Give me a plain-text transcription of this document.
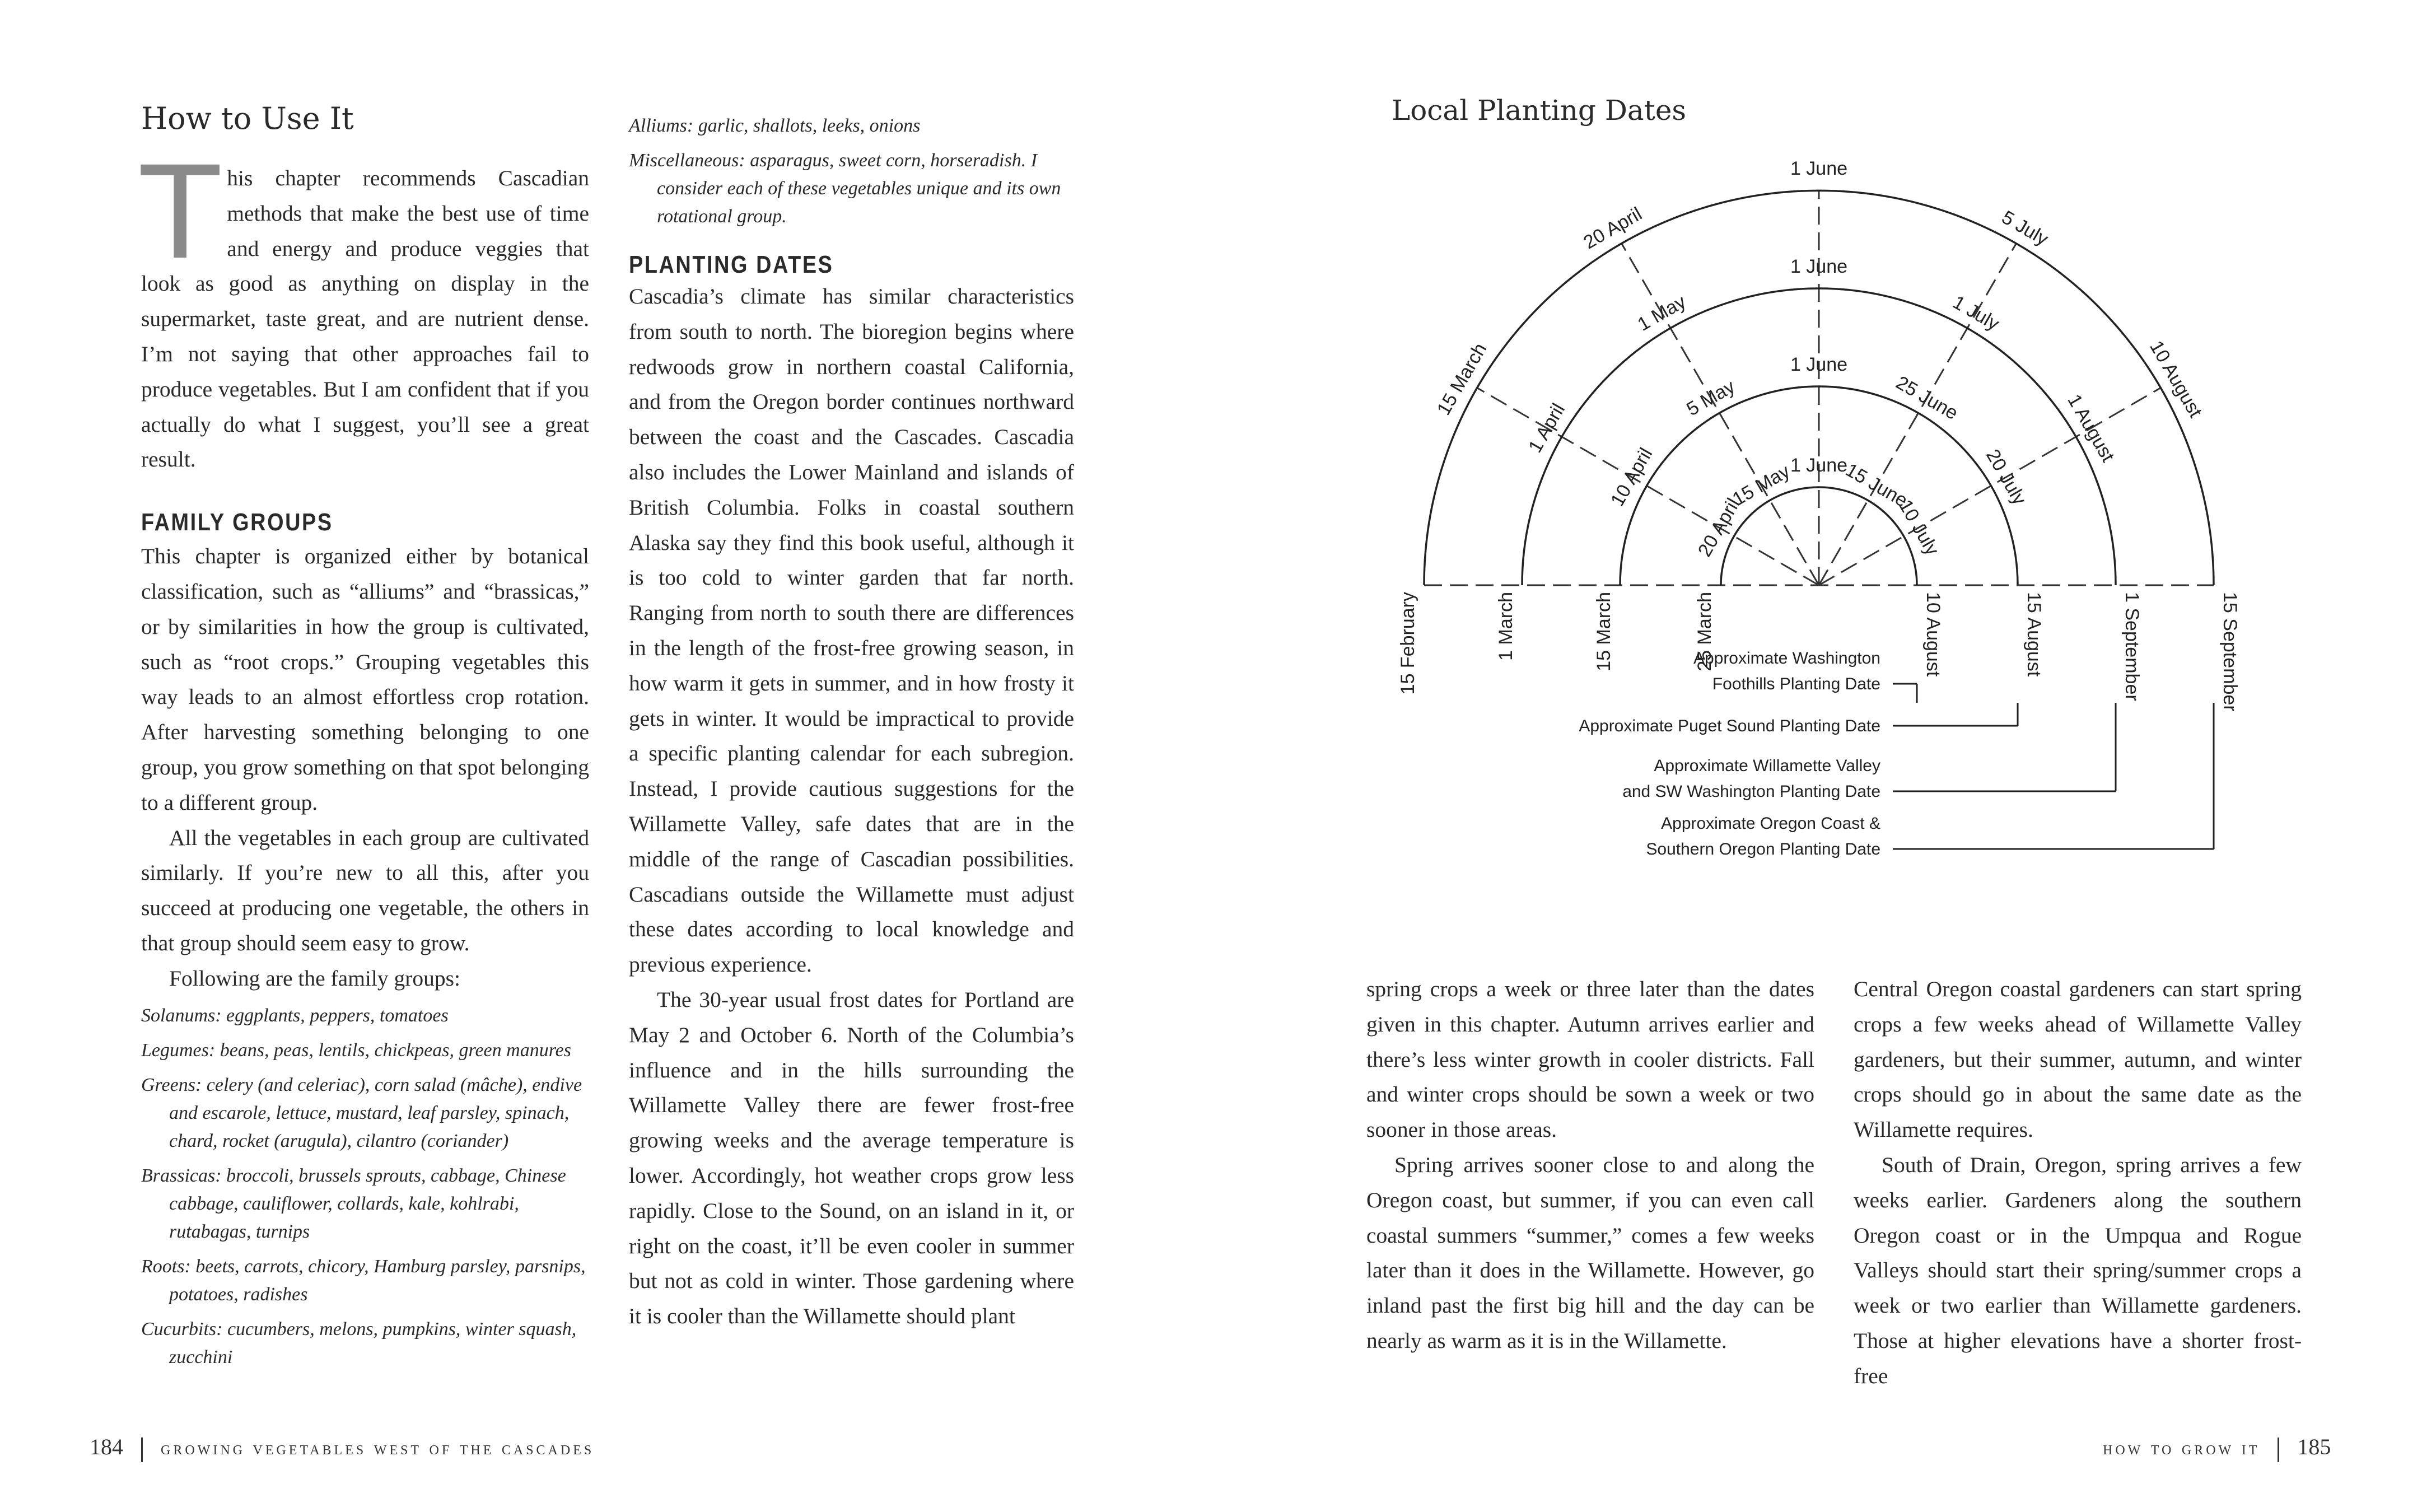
How to Use It
T his chapter recommends Cascadian methods that make the best use of time and energy and produce veggies that look as good as anything on display in the supermarket, taste great, and are nutrient dense. I’m not saying that other approaches fail to produce vegetables. But I am confident that if you actually do what I suggest, you’ll see a great result.

FAMILY GROUPS

This chapter is organized either by botanical classification, such as “alliums” and “brassicas,” or by similarities in how the group is cultivated, such as “root crops.” Grouping vegetables this way leads to an almost effortless crop rotation. After harvesting something belonging to one group, you grow something on that spot belonging to a different group.

All the vegetables in each group are cultivated similarly. If you’re new to all this, after you succeed at producing one vegetable, the others in that group should seem easy to grow.

Following are the family groups:

Solanums: eggplants, peppers, tomatoes
Legumes: beans, peas, lentils, chickpeas, green manures
Greens: celery (and celeriac), corn salad (mâche), endive and escarole, lettuce, mustard, leaf parsley, spinach, chard, rocket (arugula), cilantro (coriander)
Brassicas: broccoli, brussels sprouts, cabbage, Chinese cabbage, cauliflower, collards, kale, kohlrabi, rutabagas, turnips
Roots: beets, carrots, chicory, Hamburg parsley, parsnips, potatoes, radishes
Cucurbits: cucumbers, melons, pumpkins, winter squash, zucchini
Alliums: garlic, shallots, leeks, onions
Miscellaneous: asparagus, sweet corn, horseradish. I consider each of these vegetables unique and its own rotational group.
PLANTING DATES

Cascadia’s climate has similar characteristics from south to north. The bioregion begins where redwoods grow in northern coastal California, and from the Oregon border continues northward between the coast and the Cascades. Cascadia also includes the Lower Mainland and islands of British Columbia. Folks in coastal southern Alaska say they find this book useful, although it is too cold to winter garden that far north. Ranging from north to south there are differences in the length of the frost-free growing season, in how warm it gets in summer, and in how frosty it gets in winter. It would be impractical to provide a specific planting calendar for each subregion. Instead, I provide cautious suggestions for the Willamette Valley, safe dates that are in the middle of the range of Cascadian possibilities. Cascadians outside the Willamette must adjust these dates according to local knowledge and previous experience.

The 30-year usual frost dates for Portland are May 2 and October 6. North of the Columbia’s influence and in the hills surrounding the Willamette Valley there are fewer frost-free growing weeks and the average temperature is lower. Accordingly, hot weather crops grow less rapidly. Close to the Sound, on an island in it, or right on the coast, it’ll be even cooler in summer but not as cold in winter. Those gardening where it is cooler than the Willamette should plant

184 growing vegetables west of the cascades
Local Planting Dates
15 February
15 March
20 April
1 June
5 July
10 August
15 September
Approximate Oregon Coast &
Southern Oregon Planting Date
1 March
1 April
1 May
1 June
1 July
1 August
1 September
Approximate Willamette Valley
and SW Washington Planting Date
15 March
10 April
5 May
1 June
25 June
20 July
15 August
Approximate Puget Sound Planting Date
25 March
20 April
15 May
1 June
15 June
10 July
10 August
Approximate Washington
Foothills Planting Date

spring crops a week or three later than the dates given in this chapter. Autumn arrives earlier and there’s less winter growth in cooler districts. Fall and winter crops should be sown a week or two sooner in those areas.

Spring arrives sooner close to and along the Oregon coast, but summer, if you can even call coastal summers “summer,” comes a few weeks later than it does in the Willamette. However, go inland past the first big hill and the day can be nearly as warm as it is in the Willamette.

Central Oregon coastal gardeners can start spring crops a few weeks ahead of Willamette Valley gardeners, but their summer, autumn, and winter crops should go in about the same date as the Willamette requires.

South of Drain, Oregon, spring arrives a few weeks earlier. Gardeners along the southern Oregon coast or in the Umpqua and Rogue Valleys should start their spring/summer crops a week or two earlier than Willamette gardeners. Those at higher elevations have a shorter frost-free

how to grow it 185
